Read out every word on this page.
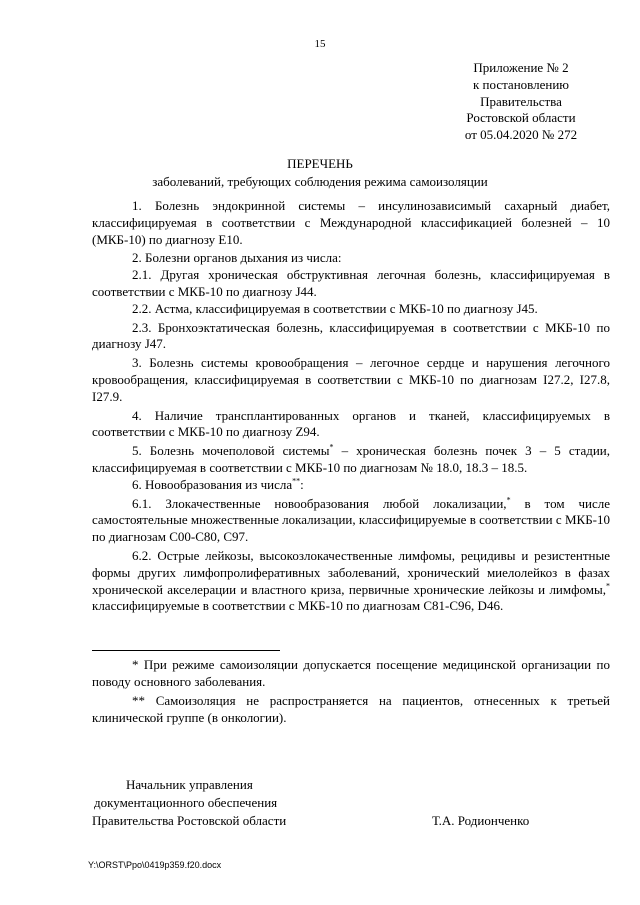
15
Приложение № 2
к постановлению
Правительства
Ростовской области
от 05.04.2020 № 272
ПЕРЕЧЕНЬ
заболеваний, требующих соблюдения режима самоизоляции

1. Болезнь эндокринной системы – инсулинозависимый сахарный диабет, классифицируемая в соответствии с Международной классификацией болезней – 10 (МКБ-10) по диагнозу Е10.

2. Болезни органов дыхания из числа:

2.1. Другая хроническая обструктивная легочная болезнь, классифицируемая в соответствии с МКБ-10 по диагнозу J44.

2.2. Астма, классифицируемая в соответствии с МКБ-10 по диагнозу J45.

2.3. Бронхоэктатическая болезнь, классифицируемая в соответствии с МКБ-10 по диагнозу J47.

3. Болезнь системы кровообращения – легочное сердце и нарушения легочного кровообращения, классифицируемая в соответствии с МКБ-10 по диагнозам I27.2, I27.8, I27.9.

4. Наличие трансплантированных органов и тканей, классифицируемых в соответствии с МКБ-10 по диагнозу Z94.

5. Болезнь мочеполовой системы* – хроническая болезнь почек 3 – 5 стадии, классифицируемая в соответствии с МКБ-10 по диагнозам № 18.0, 18.3 – 18.5.

6. Новообразования из числа**:

6.1. Злокачественные новообразования любой локализации,* в том числе самостоятельные множественные локализации, классифицируемые в соответствии с МКБ-10 по диагнозам С00-С80, С97.

6.2. Острые лейкозы, высокозлокачественные лимфомы, рецидивы и резистентные формы других лимфопролиферативных заболеваний, хронический миелолейкоз в фазах хронической акселерации и властного криза, первичные хронические лейкозы и лимфомы,* классифицируемые в соответствии с МКБ-10 по диагнозам С81-С96, D46.

* При режиме самоизоляции допускается посещение медицинской организации по поводу основного заболевания.

** Самоизоляция не распространяется на пациентов, отнесенных к третьей клинической группе (в онкологии).

Начальник управления
документационного обеспечения
Правительства Ростовской области	Т.А. Родионченко
Y:\ORST\Ppo\0419p359.f20.docx
